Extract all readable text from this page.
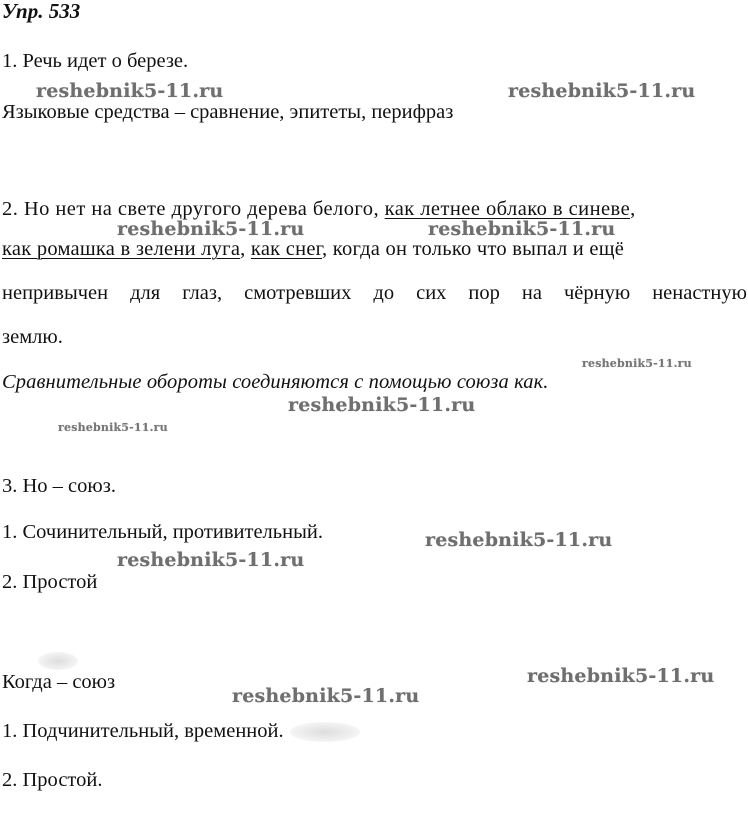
Упр. 533
1. Речь идет о березе.
Языковые средства – сравнение, эпитеты, перифраз
2. Но нет на свете другого дерева белого, как летнее облако в синеве,
как ромашка в зелени луга, как снег, когда он только что выпал и ещё
непривычен для глаз, смотревших до сих пор на чёрную ненастную
землю.
Сравнительные обороты соединяются с помощью союза как.
3. Но – союз.
1. Сочинительный, противительный.
2. Простой
Когда – союз
1. Подчинительный, временной.
2. Простой.
reshebnik5-11.ru	reshebnik5-11.ru
reshebnik5-11.ru	reshebnik5-11.ru
reshebnik5-11.ru
reshebnik5-11.ru
reshebnik5-11.ru
reshebnik5-11.ru
reshebnik5-11.ru
reshebnik5-11.ru
reshebnik5-11.ru
